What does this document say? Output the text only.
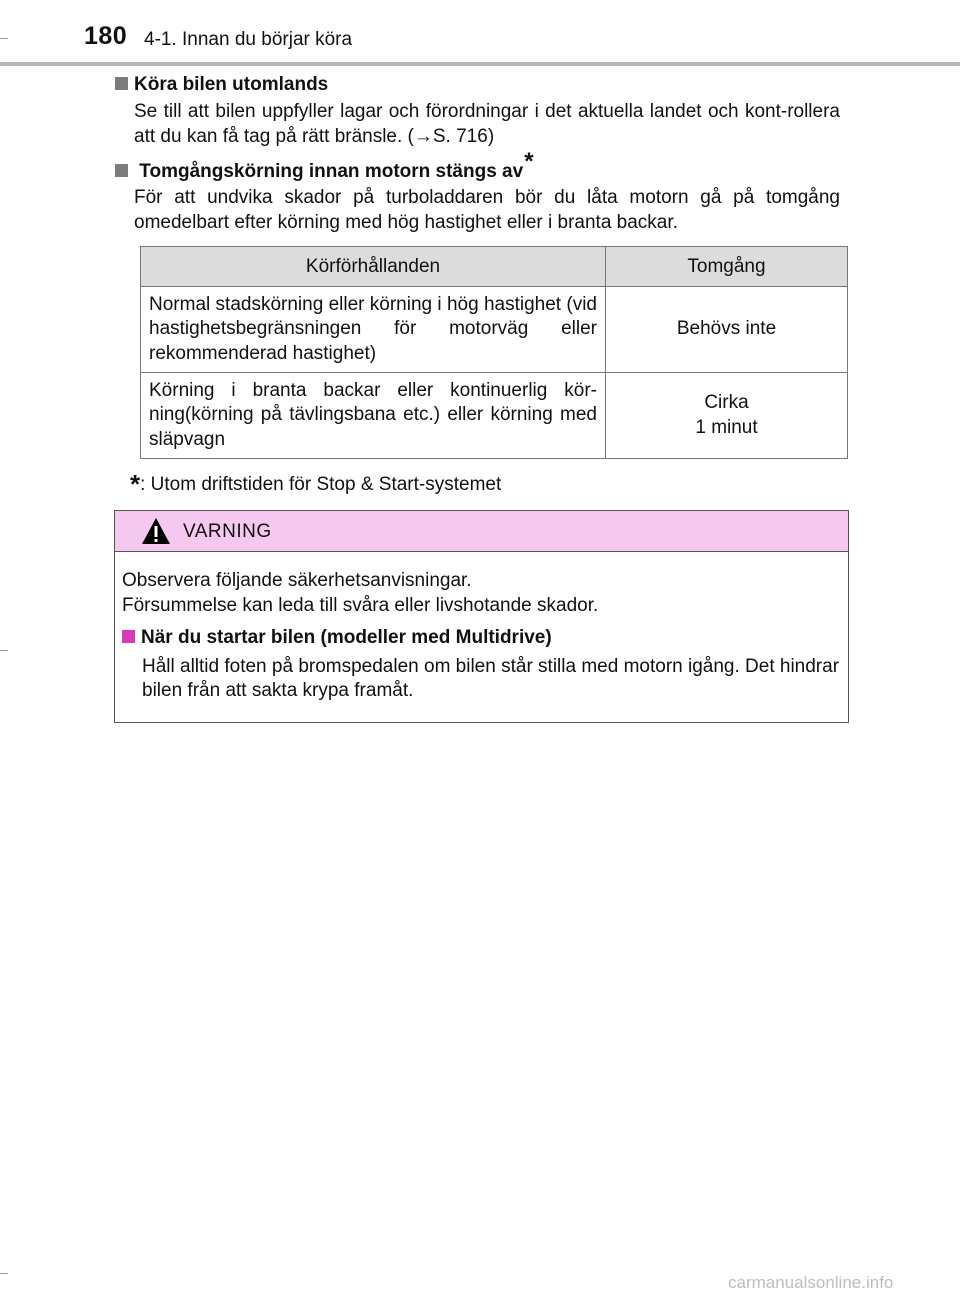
180 4-1. Innan du börjar köra
Köra bilen utomlands
Se till att bilen uppfyller lagar och förordningar i det aktuella landet och kont-rollera att du kan få tag på rätt bränsle. (→S. 716)
Tomgångskörning innan motorn stängs av*
För att undvika skador på turboladdaren bör du låta motorn gå på tomgång omedelbart efter körning med hög hastighet eller i branta backar.
Körförhållanden	Tomgång
Normal stadskörning eller körning i hög hastighet (vid hastighetsbegränsningen för motorväg eller rekommenderad hastighet)	Behövs inte

Körning i branta backar eller kontinuerlig kör-ning(körning på tävlingsbana etc.) eller körning med släpvagn	Cirka
1 minut
*: Utom driftstiden för Stop & Start-systemet
VARNING
Observera följande säkerhetsanvisningar.
Försummelse kan leda till svåra eller livshotande skador.
När du startar bilen (modeller med Multidrive)
Håll alltid foten på bromspedalen om bilen står stilla med motorn igång. Det hindrar bilen från att sakta krypa framåt.
carmanualsonline.info
